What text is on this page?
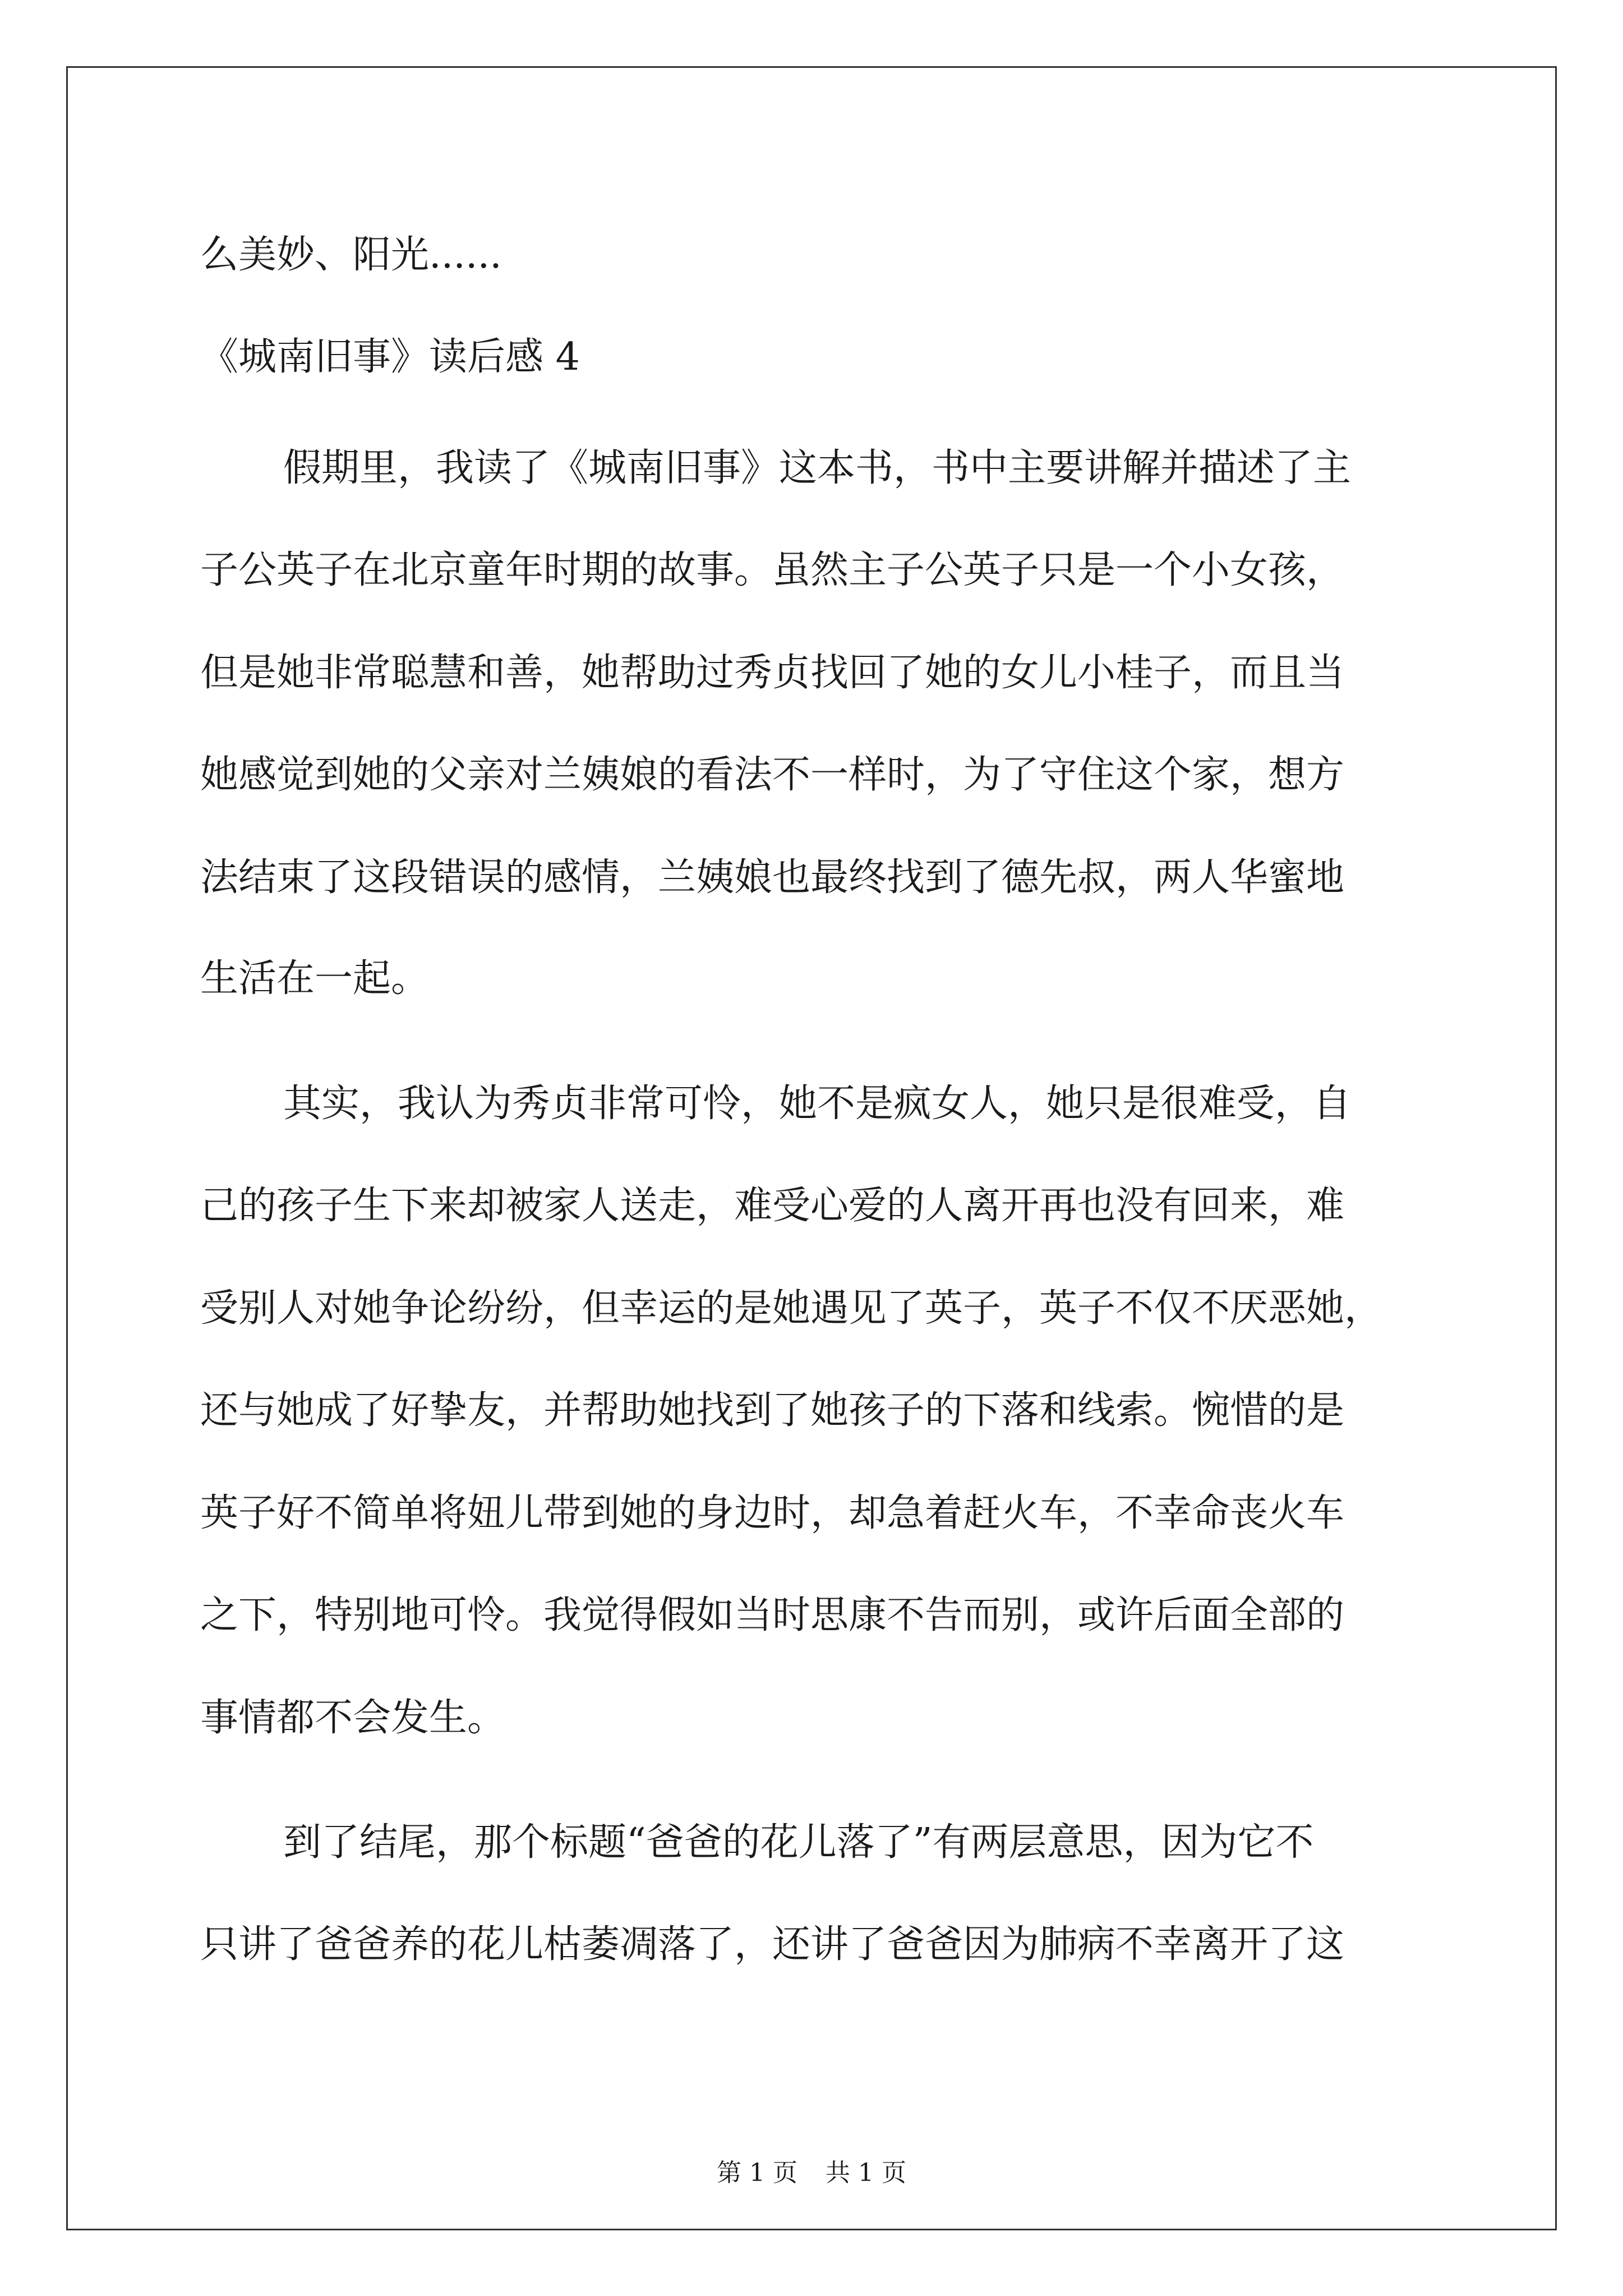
么美妙、阳光......
《城南旧事》读后感 4
假期里，我读了《城南旧事》这本书，书中主要讲解并描述了主
子公英子在北京童年时期的故事。虽然主子公英子只是一个小女孩，
但是她非常聪慧和善，她帮助过秀贞找回了她的女儿小桂子，而且当
她感觉到她的父亲对兰姨娘的看法不一样时，为了守住这个家，想方
法结束了这段错误的感情，兰姨娘也最终找到了德先叔，两人华蜜地
生活在一起。
其实，我认为秀贞非常可怜，她不是疯女人，她只是很难受，自
己的孩子生下来却被家人送走，难受心爱的人离开再也没有回来，难
受别人对她争论纷纷，但幸运的是她遇见了英子，英子不仅不厌恶她，
还与她成了好挚友，并帮助她找到了她孩子的下落和线索。惋惜的是
英子好不简单将妞儿带到她的身边时，却急着赶火车，不幸命丧火车
之下，特别地可怜。我觉得假如当时思康不告而别，或许后面全部的
事情都不会发生。
到了结尾，那个标题“爸爸的花儿落了”有两层意思，因为它不
只讲了爸爸养的花儿枯萎凋落了，还讲了爸爸因为肺病不幸离开了这
第 1 页 共 1 页
